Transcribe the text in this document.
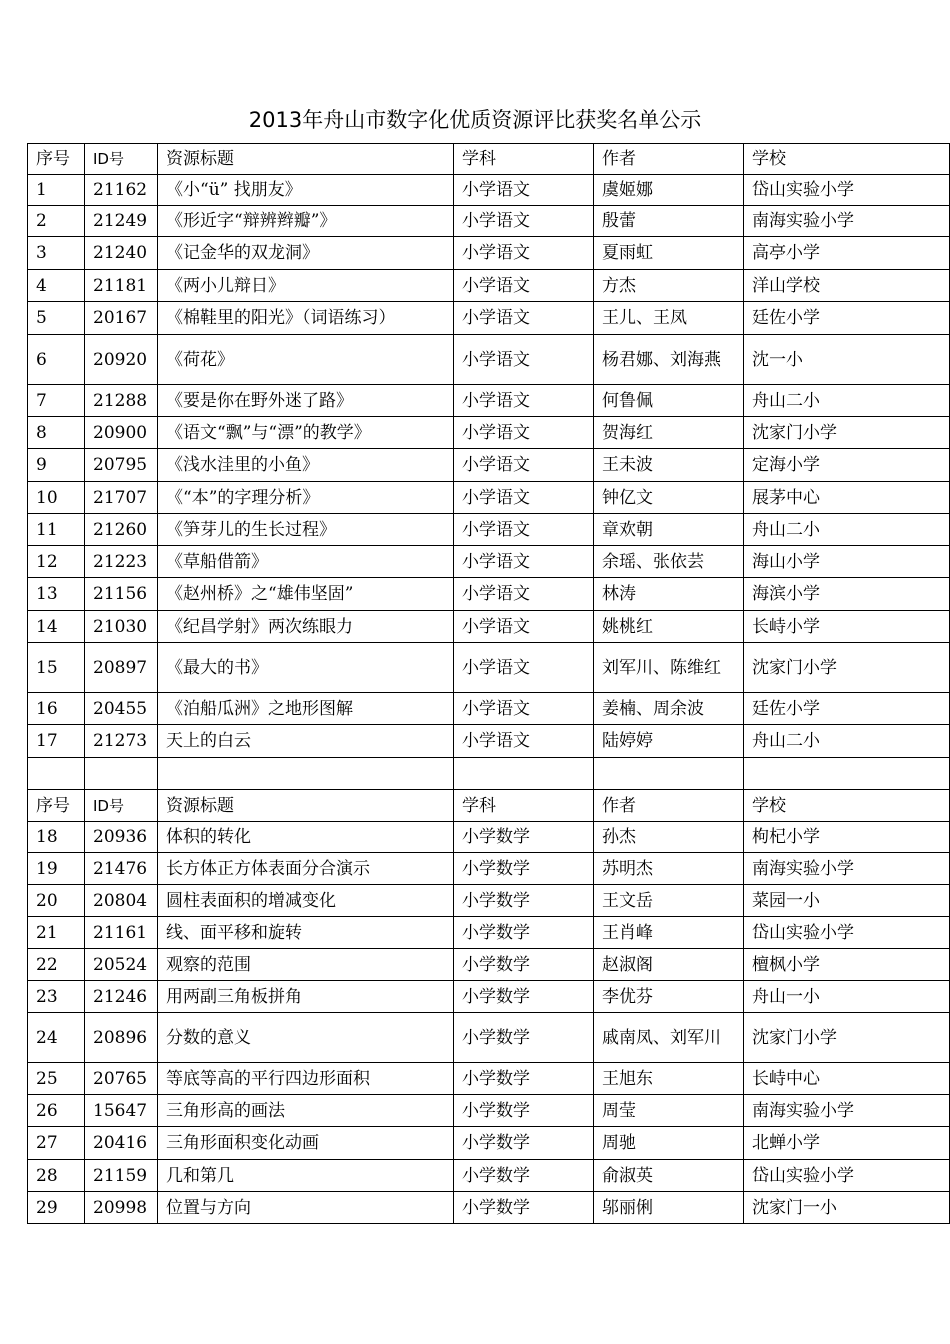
2013年舟山市数字化优质资源评比获奖名单公示
序号	ID号	资源标题	学科	作者	学校
1	21162	《小“ü” 找朋友》	小学语文	虞姬娜	岱山实验小学
2	21249	《形近字“辩辨辫瓣”》	小学语文	殷蕾	南海实验小学
3	21240	《记金华的双龙洞》	小学语文	夏雨虹	高亭小学
4	21181	《两小儿辩日》	小学语文	方杰	洋山学校
5	20167	《棉鞋里的阳光》（词语练习）	小学语文	王儿、王凤	廷佐小学
6	20920	《荷花》	小学语文	杨君娜、刘海燕	沈一小
7	21288	《要是你在野外迷了路》	小学语文	何鲁佩	舟山二小
8	20900	《语文“飘”与“漂”的教学》	小学语文	贺海红	沈家门小学
9	20795	《浅水洼里的小鱼》	小学语文	王未波	定海小学
10	21707	《“本”的字理分析》	小学语文	钟亿文	展茅中心
11	21260	《笋芽儿的生长过程》	小学语文	章欢朝	舟山二小
12	21223	《草船借箭》	小学语文	余瑶、张依芸	海山小学
13	21156	《赵州桥》之“雄伟坚固”	小学语文	林涛	海滨小学
14	21030	《纪昌学射》两次练眼力	小学语文	姚桃红	长峙小学
15	20897	《最大的书》	小学语文	刘军川、陈维红	沈家门小学
16	20455	《泊船瓜洲》之地形图解	小学语文	姜楠、周余波	廷佐小学
17	21273	天上的白云	小学语文	陆婷婷	舟山二小

序号	ID号	资源标题	学科	作者	学校
18	20936	体积的转化	小学数学	孙杰	枸杞小学
19	21476	长方体正方体表面分合演示	小学数学	苏明杰	南海实验小学
20	20804	圆柱表面积的增减变化	小学数学	王文岳	菜园一小
21	21161	线、面平移和旋转	小学数学	王肖峰	岱山实验小学
22	20524	观察的范围	小学数学	赵淑阁	檀枫小学
23	21246	用两副三角板拼角	小学数学	李优芬	舟山一小
24	20896	分数的意义	小学数学	戚南凤、刘军川	沈家门小学
25	20765	等底等高的平行四边形面积	小学数学	王旭东	长峙中心
26	15647	三角形高的画法	小学数学	周莹	南海实验小学
27	20416	三角形面积变化动画	小学数学	周驰	北蝉小学
28	21159	几和第几	小学数学	俞淑英	岱山实验小学
29	20998	位置与方向	小学数学	邬丽俐	沈家门一小
